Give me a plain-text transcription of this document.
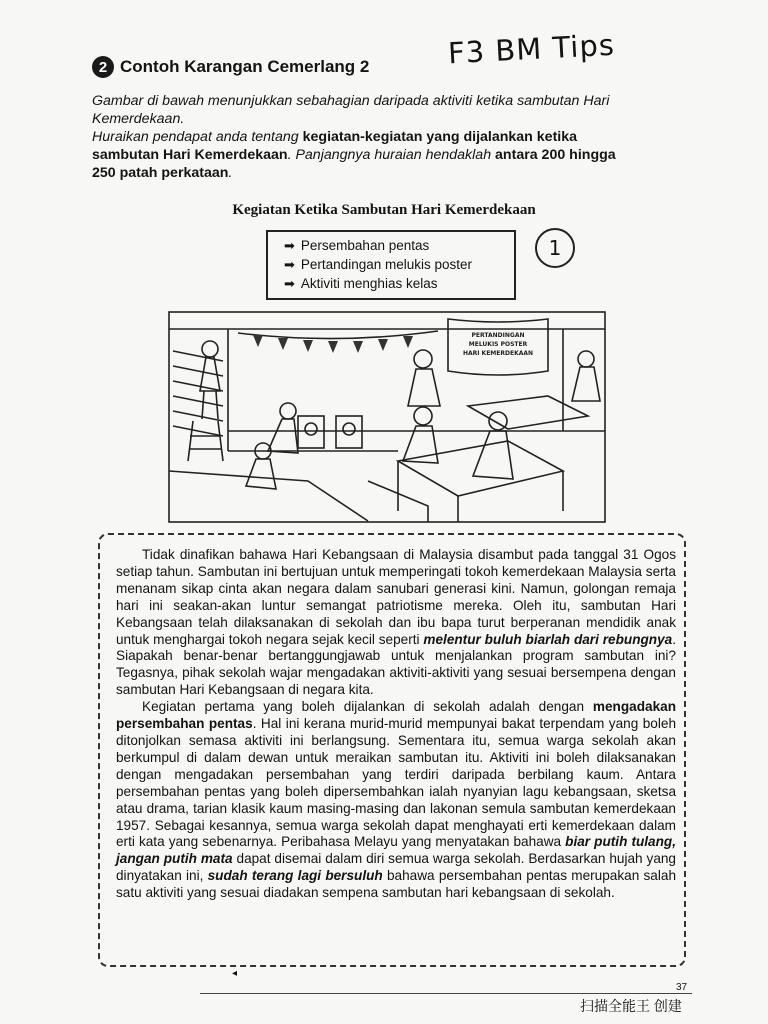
F3 BM Tips
2 Contoh Karangan Cemerlang 2
Gambar di bawah menunjukkan sebahagian daripada aktiviti ketika sambutan Hari
Kemerdekaan.
Huraikan pendapat anda tentang kegiatan-kegiatan yang dijalankan ketika
sambutan Hari Kemerdekaan. Panjangnya huraian hendaklah antara 200 hingga
250 patah perkataan.
Kegiatan Ketika Sambutan Hari Kemerdekaan
➡ Persembahan pentas
➡ Pertandingan melukis poster
➡ Aktiviti menghias kelas
1
PERTANDINGAN
MELUKIS POSTER
HARI KEMERDEKAAN

Tidak dinafikan bahawa Hari Kebangsaan di Malaysia disambut pada tanggal 31 Ogos setiap tahun. Sambutan ini bertujuan untuk memperingati tokoh kemerdekaan Malaysia serta menanam sikap cinta akan negara dalam sanubari generasi kini. Namun, golongan remaja hari ini seakan-akan luntur semangat patriotisme mereka. Oleh itu, sambutan Hari Kebangsaan telah dilaksanakan di sekolah dan ibu bapa turut berperanan mendidik anak untuk menghargai tokoh negara sejak kecil seperti melentur buluh biarlah dari rebungnya. Siapakah benar-benar bertanggungjawab untuk menjalankan program sambutan ini? Tegasnya, pihak sekolah wajar mengadakan aktiviti-aktiviti yang sesuai bersempena dengan sambutan Hari Kebangsaan di negara kita.

Kegiatan pertama yang boleh dijalankan di sekolah adalah dengan mengadakan persembahan pentas. Hal ini kerana murid-murid mempunyai bakat terpendam yang boleh ditonjolkan semasa aktiviti ini berlangsung. Sementara itu, semua warga sekolah akan berkumpul di dalam dewan untuk meraikan sambutan itu. Aktiviti ini boleh dilaksanakan dengan mengadakan persembahan yang terdiri daripada berbilang kaum. Antara persembahan pentas yang boleh dipersembahkan ialah nyanyian lagu kebangsaan, sketsa atau drama, tarian klasik kaum masing-masing dan lakonan semula sambutan kemerdekaan 1957. Sebagai kesannya, semua warga sekolah dapat menghayati erti kemerdekaan dalam erti kata yang sebenarnya. Peribahasa Melayu yang menyatakan bahawa biar putih tulang, jangan putih mata dapat disemai dalam diri semua warga sekolah. Berdasarkan hujah yang dinyatakan ini, sudah terang lagi bersuluh bahawa persembahan pentas merupakan salah satu aktiviti yang sesuai diadakan sempena sambutan hari kebangsaan di sekolah.

◂
37
扫描全能王 创建
